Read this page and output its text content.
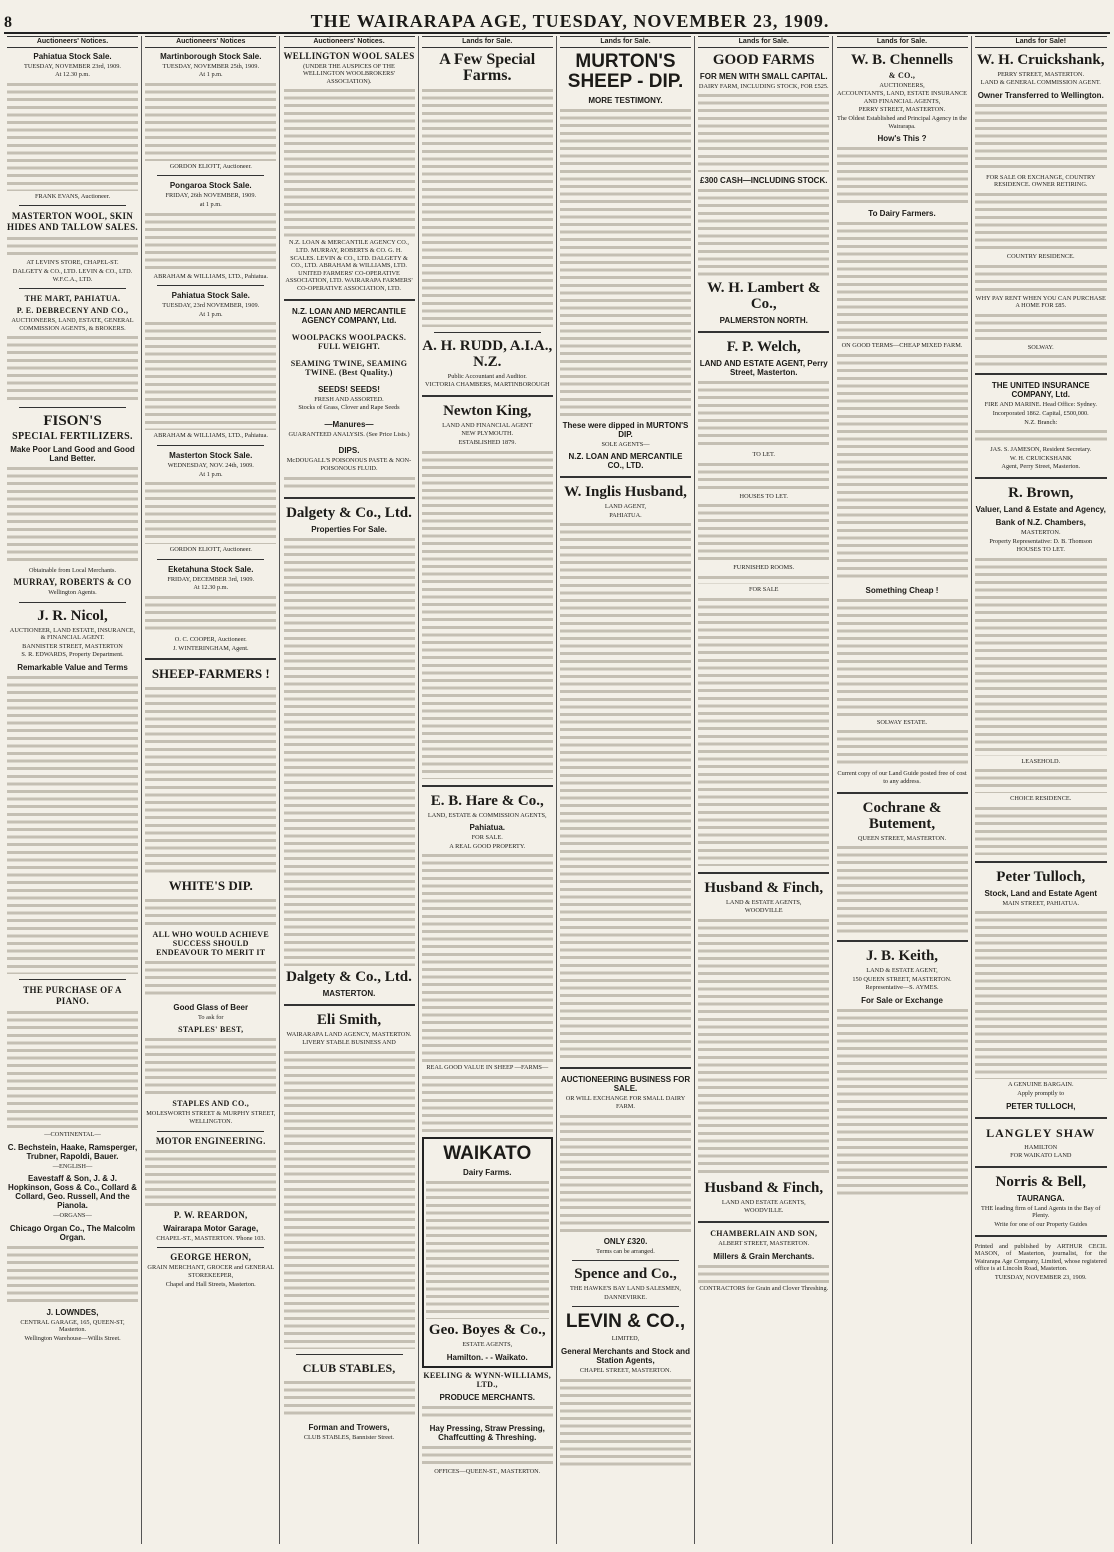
8	THE WAIRARAPA AGE, TUESDAY, NOVEMBER 23, 1909.
Auctioneers' Notices.
Pahiatua Stock Sale.
TUESDAY, NOVEMBER 23rd, 1909.
At 12.30 p.m.
FRANK EVANS, Auctioneer.
MASTERTON WOOL, SKIN HIDES AND TALLOW SALES.
AT LEVIN'S STORE, CHAPEL-ST.
DALGETY & CO., LTD. LEVIN & CO., LTD. W.F.C.A., LTD.
THE MART, PAHIATUA.
P. E. DEBRECENY AND CO.,
AUCTIONEERS, LAND, ESTATE, GENERAL COMMISSION AGENTS, & BROKERS.
FISON'S
SPECIAL FERTILIZERS.
Make Poor Land Good and Good Land Better.
Obtainable from Local Merchants.
MURRAY, ROBERTS & CO
Wellington Agents.
J. R. Nicol,
AUCTIONEER, LAND ESTATE, INSURANCE, & FINANCIAL AGENT.
BANNISTER STREET, MASTERTON
S. R. EDWARDS, Property Department.
Remarkable Value and Terms
THE PURCHASE OF A PIANO.
—CONTINENTAL—
C. Bechstein, Haake, Ramsperger, Trubner, Rapoldi, Bauer.
—ENGLISH—
Eavestaff & Son, J. & J. Hopkinson, Goss & Co., Collard & Collard, Geo. Russell, And the Pianola.
—ORGANS—
Chicago Organ Co., The Malcolm Organ.
J. LOWNDES,
CENTRAL GARAGE, 165, QUEEN-ST, Masterton.
Wellington Warehouse—Willis Street.
Auctioneers' Notices
Martinborough Stock Sale.
TUESDAY, NOVEMBER 25th, 1909.
At 1 p.m.
GORDON ELIOTT, Auctioneer.
Pongaroa Stock Sale.
FRIDAY, 26th NOVEMBER, 1909.
at 1 p.m.
ABRAHAM & WILLIAMS, LTD., Pahiatua.
Pahiatua Stock Sale.
TUESDAY, 23rd NOVEMBER, 1909.
At 1 p.m.
ABRAHAM & WILLIAMS, LTD., Pahiatua.
Masterton Stock Sale.
WEDNESDAY, NOV. 24th, 1909.
At 1 p.m.
GORDON ELIOTT, Auctioneer.
Eketahuna Stock Sale.
FRIDAY, DECEMBER 3rd, 1909.
At 12.30 p.m.
O. C. COOPER, Auctioneer.
J. WINTERINGHAM, Agent.
SHEEP-FARMERS !
WHITE'S DIP.
ALL WHO WOULD ACHIEVE SUCCESS SHOULD ENDEAVOUR TO MERIT IT
Good Glass of Beer
To ask for
STAPLES' BEST,
STAPLES AND CO.,
MOLESWORTH STREET & MURPHY STREET,
WELLINGTON.
MOTOR ENGINEERING.
P. W. REARDON,
Wairarapa Motor Garage,
CHAPEL-ST., MASTERTON. 'Phone 103.
GEORGE HERON,
GRAIN MERCHANT, GROCER and GENERAL STOREKEEPER,
Chapel and Hall Streets, Masterton.
Auctioneers' Notices.
WELLINGTON WOOL SALES
(UNDER THE AUSPICES OF THE WELLINGTON WOOLBROKERS' ASSOCIATION).
N.Z. LOAN & MERCANTILE AGENCY CO., LTD. MURRAY, ROBERTS & CO. G. H. SCALES. LEVIN & CO., LTD. DALGETY & CO., LTD. ABRAHAM & WILLIAMS, LTD. UNITED FARMERS' CO-OPERATIVE ASSOCIATION, LTD. WAIRARAPA FARMERS' CO-OPERATIVE ASSOCIATION, LTD.
N.Z. LOAN AND MERCANTILE AGENCY COMPANY, Ltd.
WOOLPACKS WOOLPACKS. FULL WEIGHT.
SEAMING TWINE, SEAMING TWINE. (Best Quality.)
SEEDS! SEEDS!
FRESH AND ASSORTED.
Stocks of Grass, Clover and Rape Seeds
—Manures—
GUARANTEED ANALYSIS. (See Price Lists.)
DIPS.
McDOUGALL'S POISONOUS PASTE & NON-POISONOUS FLUID.
Dalgety & Co., Ltd.
Properties For Sale.
Dalgety & Co., Ltd.
MASTERTON.
Eli Smith,
WAIRARAPA LAND AGENCY, MASTERTON.
LIVERY STABLE BUSINESS AND
CLUB STABLES,
Forman and Trowers,
CLUB STABLES, Bannister Street.
Lands for Sale.
A Few Special Farms.
A. H. RUDD, A.I.A., N.Z.
Public Accountant and Auditor.
VICTORIA CHAMBERS, MARTINBOROUGH
Newton King,
LAND AND FINANCIAL AGENT
NEW PLYMOUTH.
ESTABLISHED 1879.
E. B. Hare & Co.,
LAND, ESTATE & COMMISSION AGENTS,
Pahiatua.
FOR SALE.
A REAL GOOD PROPERTY.
REAL GOOD VALUE IN SHEEP —FARMS—
WAIKATO
Dairy Farms.
Geo. Boyes & Co.,
ESTATE AGENTS,
Hamilton. - - Waikato.
KEELING & WYNN-WILLIAMS, LTD.,
PRODUCE MERCHANTS.
Hay Pressing, Straw Pressing, Chaffcutting & Threshing.
OFFICES—QUEEN-ST., MASTERTON.
Lands for Sale.
MURTON'S SHEEP - DIP.
MORE TESTIMONY.
These were dipped in MURTON'S DIP.
SOLE AGENTS—
N.Z. LOAN AND MERCANTILE CO., LTD.
W. Inglis Husband,
LAND AGENT,
PAHIATUA.
AUCTIONEERING BUSINESS FOR SALE.
OR WILL EXCHANGE FOR SMALL DAIRY FARM.
ONLY £320.
Terms can be arranged.
Spence and Co.,
THE HAWKE'S BAY LAND SALESMEN,
DANNEVIRKE.
LEVIN & CO.,
LIMITED,
General Merchants and Stock and Station Agents,
CHAPEL STREET, MASTERTON.
Lands for Sale.
GOOD FARMS
FOR MEN WITH SMALL CAPITAL.
DAIRY FARM, INCLUDING STOCK, FOR £525.
£300 CASH—INCLUDING STOCK.
W. H. Lambert & Co.,
PALMERSTON NORTH.
F. P. Welch,
LAND AND ESTATE AGENT, Perry Street, Masterton.
TO LET.
HOUSES TO LET.
FURNISHED ROOMS.
FOR SALE
Husband & Finch,
LAND & ESTATE AGENTS,
WOODVILLE
Husband & Finch,
LAND AND ESTATE AGENTS,
WOODVILLE.
CHAMBERLAIN AND SON,
ALBERT STREET, MASTERTON.
Millers & Grain Merchants.
CONTRACTORS for Grain and Clover Threshing.
Lands for Sale.
W. B. Chennells
& CO.,
AUCTIONEERS,
ACCOUNTANTS, LAND, ESTATE INSURANCE AND FINANCIAL AGENTS,
PERRY STREET, MASTERTON.
The Oldest Established and Principal Agency in the Wairarapa.
How's This ?
To Dairy Farmers.
ON GOOD TERMS—CHEAP MIXED FARM.
Something Cheap !
SOLWAY ESTATE.
Current copy of our Land Guide posted free of cost to any address.
Cochrane & Butement,
QUEEN STREET, MASTERTON.
J. B. Keith,
LAND & ESTATE AGENT,
150 QUEEN STREET, MASTERTON.
Representative—S. AYMES.
For Sale or Exchange
Lands for Sale!
W. H. Cruickshank,
PERRY STREET, MASTERTON.
LAND & GENERAL COMMISSION AGENT.
Owner Transferred to Wellington.
FOR SALE OR EXCHANGE, COUNTRY RESIDENCE. OWNER RETIRING.
COUNTRY RESIDENCE.
WHY PAY RENT WHEN YOU CAN PURCHASE A HOME FOR £85.
SOLWAY.
THE UNITED INSURANCE COMPANY, Ltd.
FIRE AND MARINE. Head Office: Sydney.
Incorporated 1862. Capital, £500,000.
N.Z. Branch:
JAS. S. JAMESON, Resident Secretary.
W. H. CRUICKSHANK
Agent, Perry Street, Masterton.
R. Brown,
Valuer, Land & Estate and Agency,
Bank of N.Z. Chambers,
MASTERTON.
Property Representative: D. B. Thomson
HOUSES TO LET.
LEASEHOLD.
CHOICE RESIDENCE.
Peter Tulloch,
Stock, Land and Estate Agent
MAIN STREET, PAHIATUA.
A GENUINE BARGAIN.
Apply promptly to
PETER TULLOCH,
LANGLEY SHAW
HAMILTON
FOR WAIKATO LAND
Norris & Bell,
TAURANGA.
THE leading firm of Land Agents in the Bay of Plenty.
Write for one of our Property Guides
Printed and published by ARTHUR CECIL MASON, of Masterton, journalist, for the Wairarapa Age Company, Limited, whose registered office is at Lincoln Road, Masterton.
TUESDAY, NOVEMBER 23, 1909.
